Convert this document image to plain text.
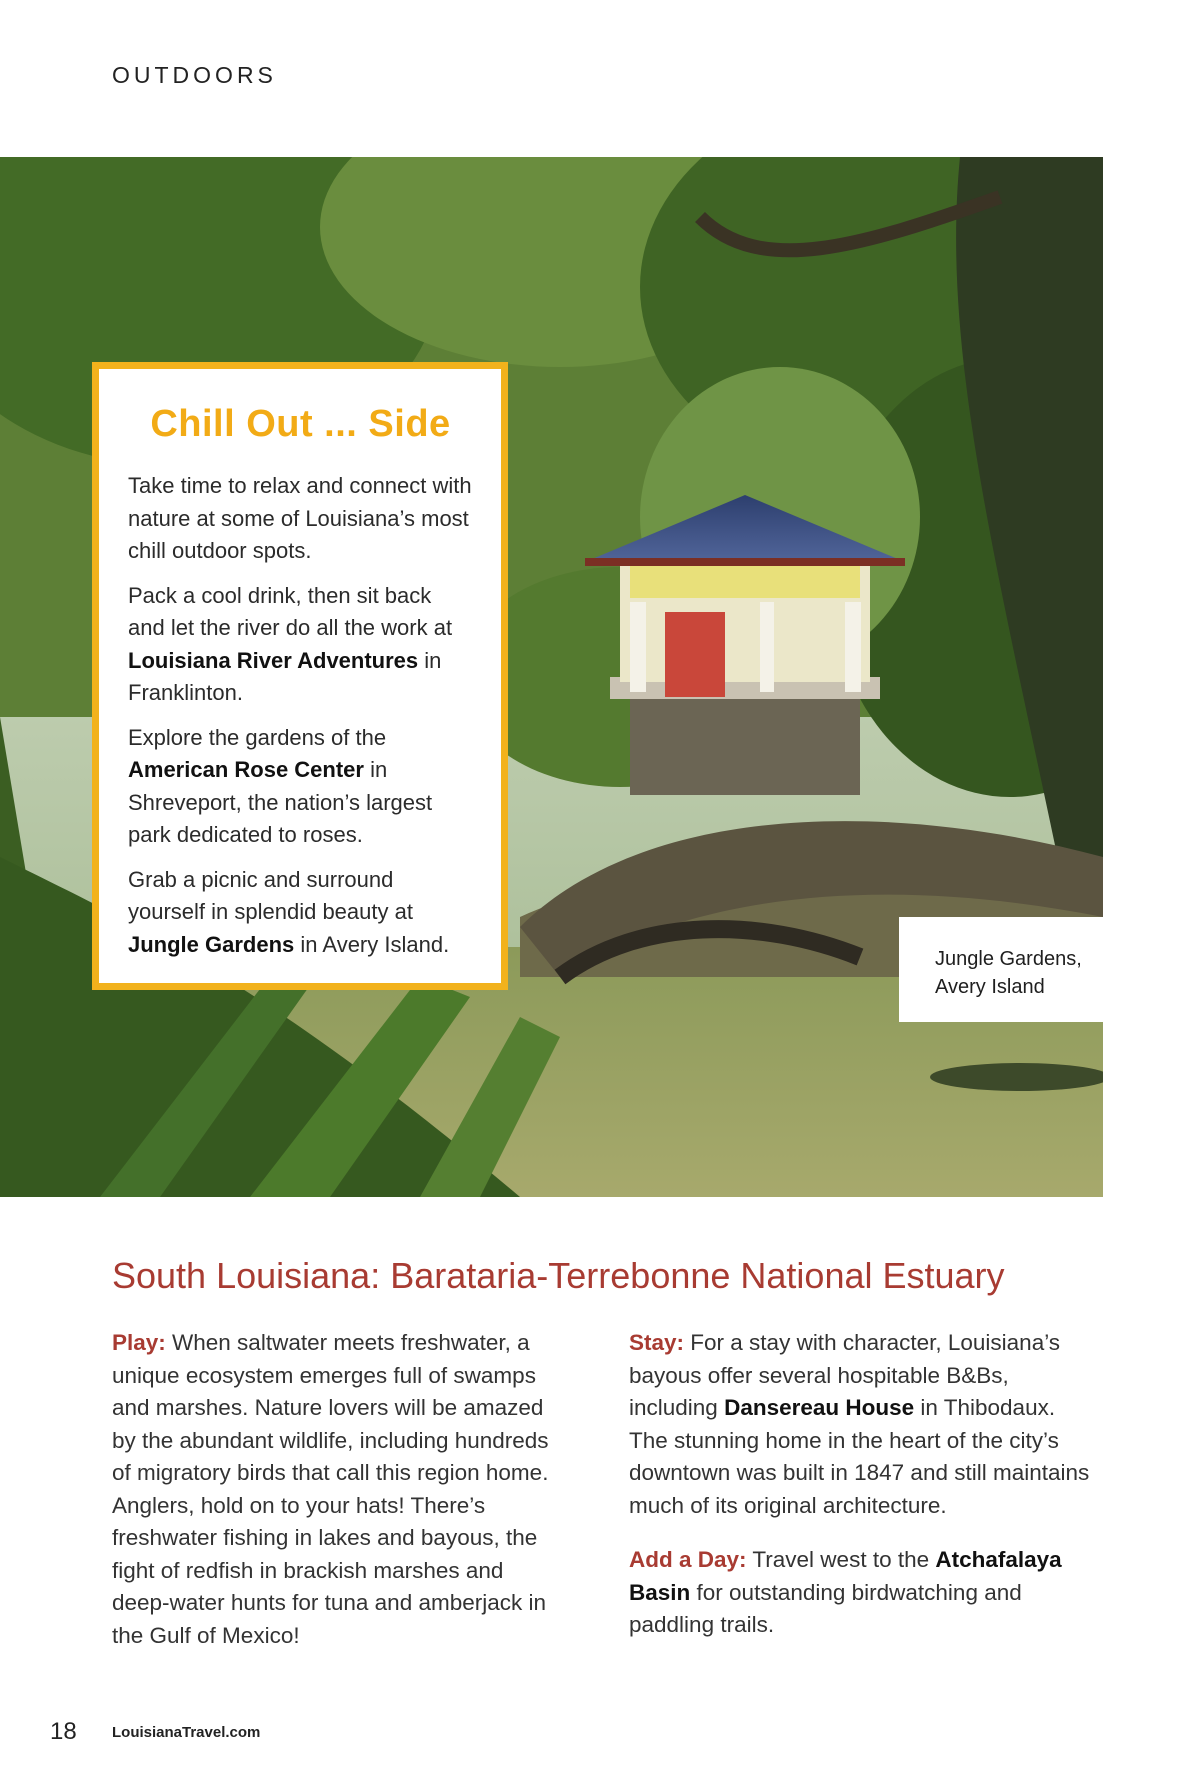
OUTDOORS
Chill Out ... Side

Take time to relax and connect with nature at some of Louisiana’s most chill outdoor spots.

Pack a cool drink, then sit back and let the river do all the work at Louisiana River Adventures in Franklinton.

Explore the gardens of the American Rose Center in Shreveport, the nation’s largest park dedicated to roses.

Grab a picnic and surround yourself in splendid beauty at Jungle Gardens in Avery Island.

Jungle Gardens,
Avery Island
South Louisiana: Barataria-Terrebonne National Estuary

Play: When saltwater meets freshwater, a unique ecosystem emerges full of swamps and marshes. Nature lovers will be amazed by the abundant wildlife, including hundreds of migratory birds that call this region home. Anglers, hold on to your hats! There’s freshwater fishing in lakes and bayous, the fight of redfish in brackish marshes and deep-water hunts for tuna and amberjack in the Gulf of Mexico!

Stay: For a stay with character, Louisiana’s bayous offer several hospitable B&Bs, including Dansereau House in Thibodaux. The stunning home in the heart of the city’s downtown was built in 1847 and still maintains much of its original architecture.

Add a Day: Travel west to the Atchafalaya Basin for outstanding birdwatching and paddling trails.

18 LouisianaTravel.com
